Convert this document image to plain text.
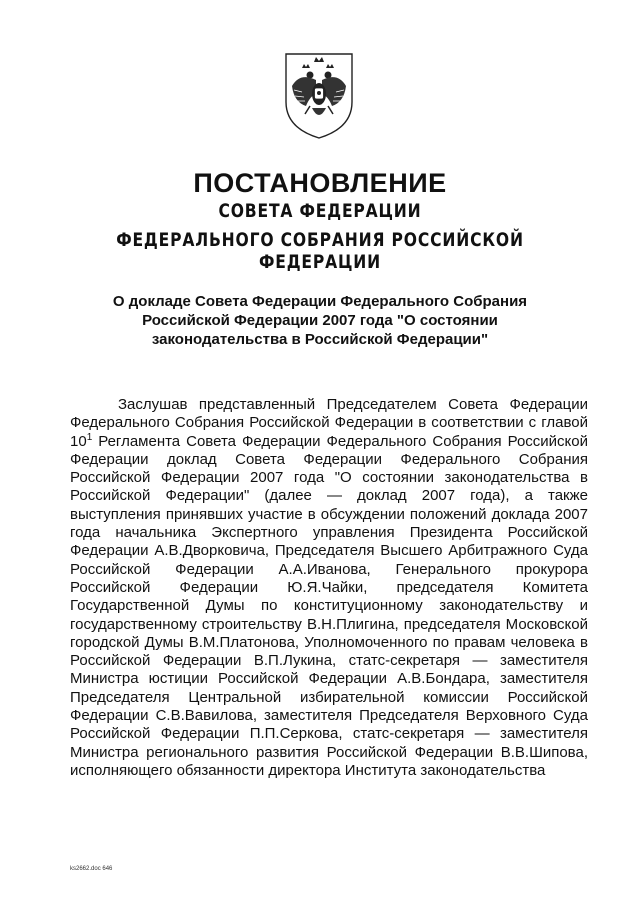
ПОСТАНОВЛЕНИЕ
СОВЕТА ФЕДЕРАЦИИ
ФЕДЕРАЛЬНОГО СОБРАНИЯ РОССИЙСКОЙ ФЕДЕРАЦИИ
О докладе Совета Федерации Федерального Собрания
Российской Федерации 2007 года "О состоянии
законодательства в Российской Федерации"

Заслушав представленный Председателем Совета Федерации Федерального Собрания Российской Федерации в соответствии с главой $10^1$ Регламента Совета Федерации Федерального Собрания Российской Федерации доклад Совета Федерации Федерального Собрания Российской Федерации 2007 года "О состоянии законодательства в Российской Федерации" (далее — доклад 2007 года), а также выступления принявших участие в обсуждении положений доклада 2007 года начальника Экспертного управления Президента Российской Федерации А.В.Дворковича, Председателя Высшего Арбитражного Суда Российской Федерации А.А.Иванова, Генерального прокурора Российской Федерации Ю.Я.Чайки, председателя Комитета Государственной Думы по конституционному законодательству и государственному строительству В.Н.Плигина, председателя Московской городской Думы В.М.Платонова, Уполномоченного по правам человека в Российской Федерации В.П.Лукина, статс-секретаря — заместителя Министра юстиции Российской Федерации А.В.Бондара, заместителя Председателя Центральной избирательной комиссии Российской Федерации С.В.Вавилова, заместителя Председателя Верховного Суда Российской Федерации П.П.Серкова, статс-секретаря — заместителя Министра регионального развития Российской Федерации В.В.Шипова, исполняющего обязанности директора Института законодательства

ks2662.doc 646
